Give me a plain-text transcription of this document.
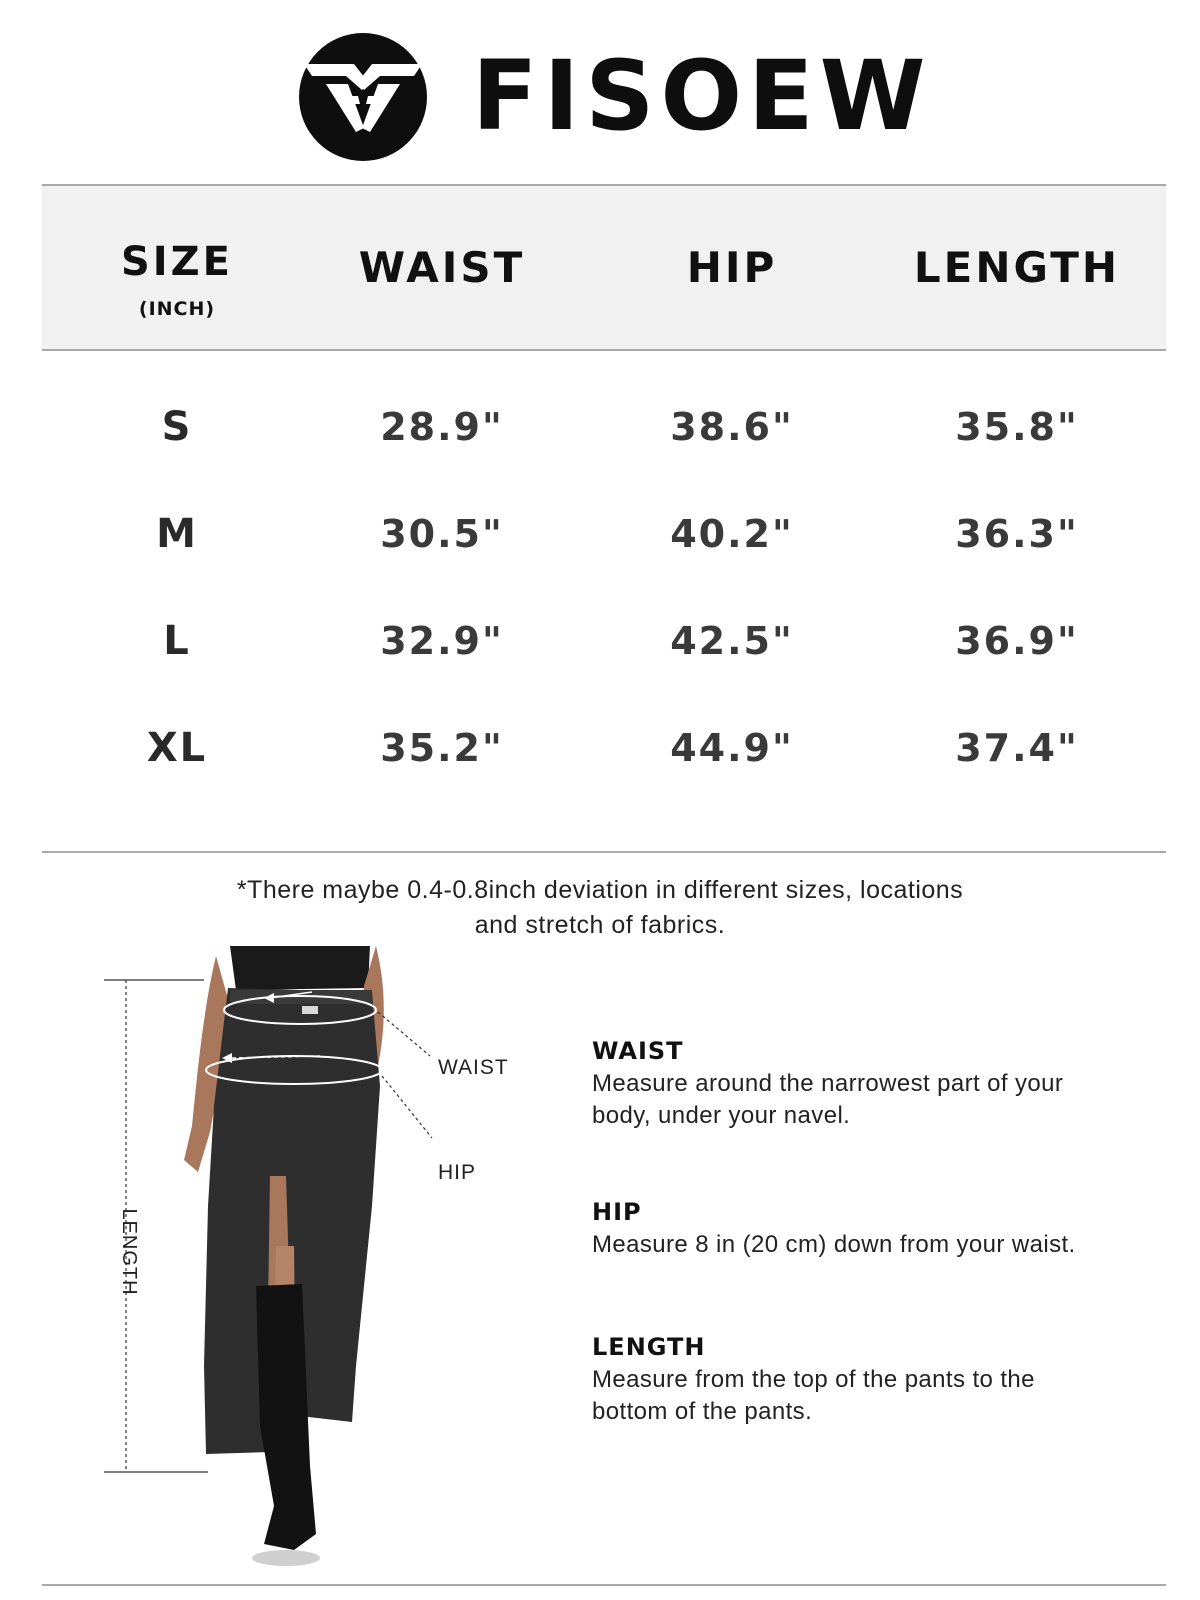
FISOEW
SIZE
(INCH)
WAIST	HIP	LENGTH
S	28.9"	38.6"	35.8"
M	30.5"	40.2"	36.3"
L	32.9"	42.5"	36.9"
XL	35.2"	44.9"	37.4"
*There maybe 0.4-0.8inch deviation in different sizes, locations
and stretch of fabrics.
LENGTH
WAIST
HIP
WAIST
Measure around the narrowest part of your
body, under your navel.
HIP
Measure 8 in (20 cm) down from your waist.
LENGTH
Measure from the top of the pants to the
bottom of the pants.
